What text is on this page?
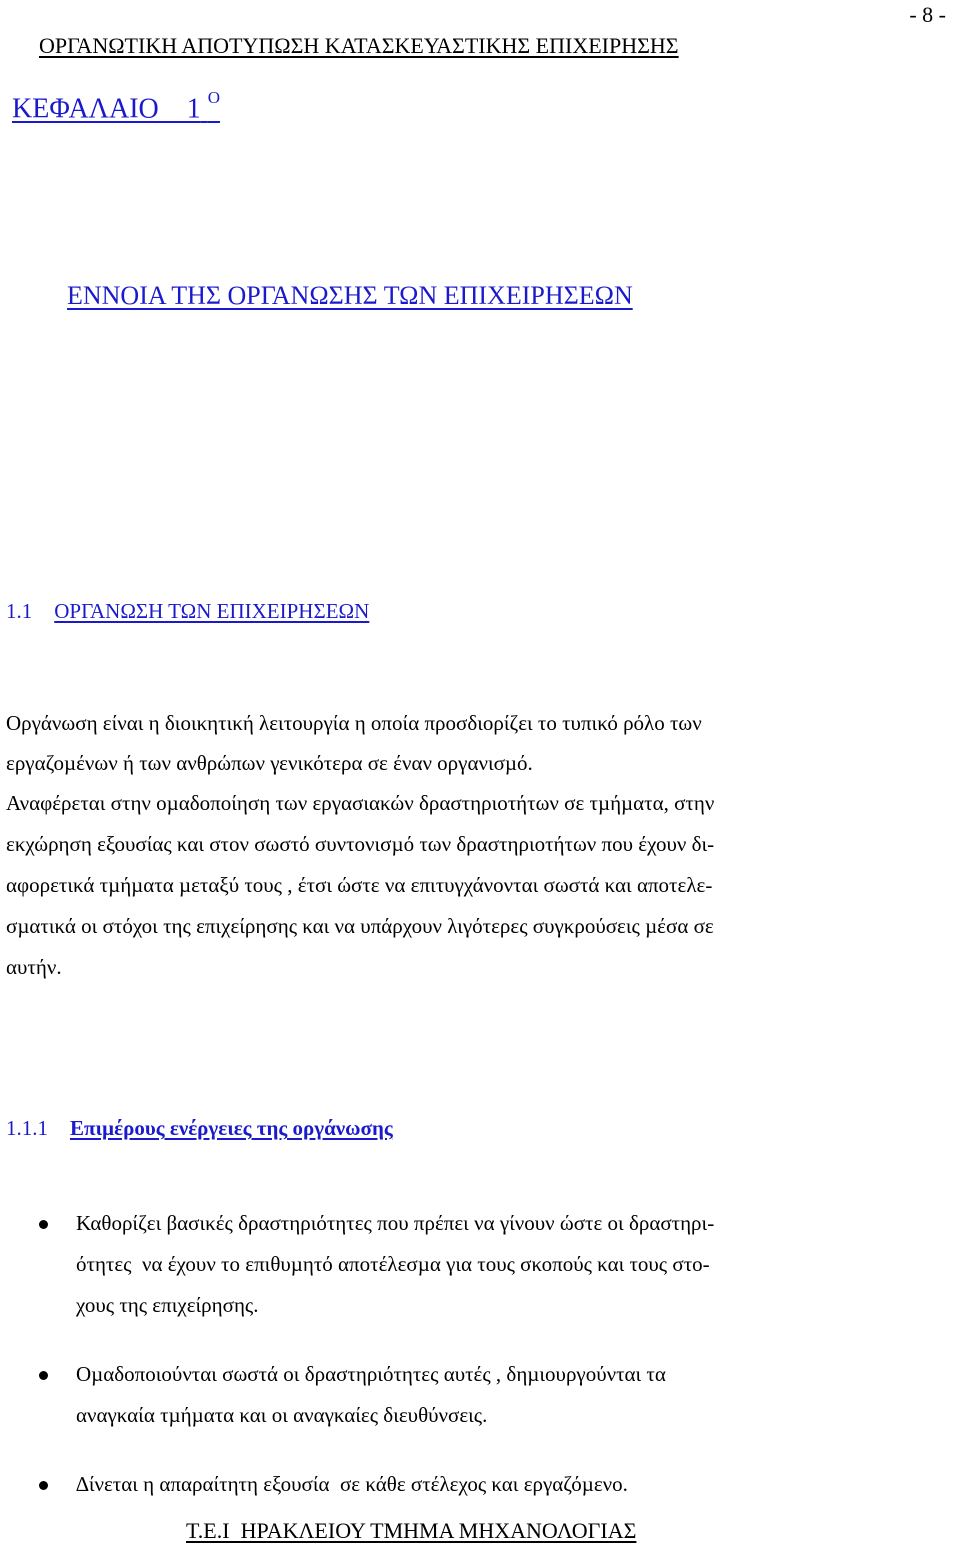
- 8 -
ΟΡΓΑΝΩΤΙΚΗ ΑΠΟΤΥΠΩΣΗ ΚΑΤΑΣΚΕΥΑΣΤΙΚΗΣ ΕΠΙΧΕΙΡΗΣΗΣ
ΚΕΦΑΛΑΙΟ    1 $^O$
ΕΝΝΟΙΑ ΤΗΣ ΟΡΓΑΝΩΣΗΣ ΤΩΝ ΕΠΙΧΕΙΡΗΣΕΩΝ
1.1 ΟΡΓΑΝΩΣΗ ΤΩΝ ΕΠΙΧΕΙΡΗΣΕΩΝ
Οργάνωση είναι η διοικητική λειτουργία η οποία προσδιορίζει το τυπικό ρόλο των
εργαζοµένων ή των ανθρώπων γενικότερα σε έναν οργανισµό.
Αναφέρεται στην οµαδοποίηση των εργασιακών δραστηριοτήτων σε τµήµατα, στην
εκχώρηση εξουσίας και στον σωστό συντονισµό των δραστηριοτήτων που έχουν δι-
αφορετικά τµήµατα µεταξύ τους , έτσι ώστε να επιτυγχάνονται σωστά και αποτελε-
σµατικά οι στόχοι της επιχείρησης και να υπάρχουν λιγότερες συγκρούσεις µέσα σε
αυτήν.
1.1.1 Επιµέρους ενέργειες της οργάνωσης
Καθορίζει βασικές δραστηριότητες που πρέπει να γίνουν ώστε οι δραστηρι-
ότητες  να έχουν το επιθυµητό αποτέλεσµα για τους σκοπούς και τους στο-
χους της επιχείρησης.
Οµαδοποιούνται σωστά οι δραστηριότητες αυτές , δηµιουργούνται τα
αναγκαία τµήµατα και οι αναγκαίες διευθύνσεις.
∆ίνεται η απαραίτητη εξουσία  σε κάθε στέλεχος και εργαζόµενο.
Τ.Ε.Ι  ΗΡΑΚΛΕΙΟΥ ΤΜΗΜΑ ΜΗΧΑΝΟΛΟΓΙΑΣ
